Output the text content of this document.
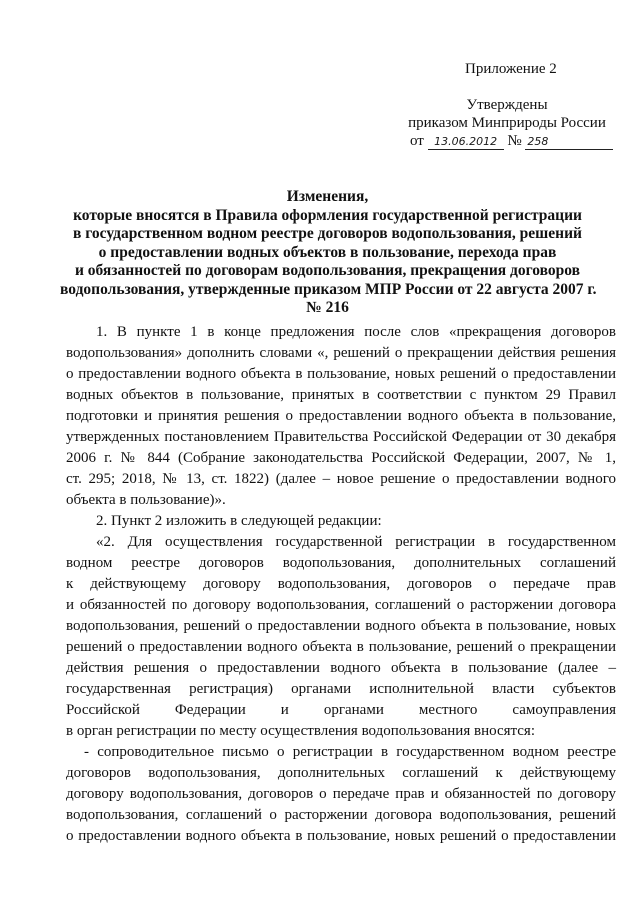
Приложение 2
Утверждены
приказом Минприроды России
от 13.06.2012 № 258
Изменения,
которые вносятся в Правила оформления государственной регистрации
в государственном водном реестре договоров водопользования, решений
о предоставлении водных объектов в пользование, перехода прав
и обязанностей по договорам водопользования, прекращения договоров
водопользования, утвержденные приказом МПР России от 22 августа 2007 г.
№ 216
1. В пункте 1 в конце предложения после слов «прекращения договоров
водопользования» дополнить словами «, решений о прекращении действия решения
о предоставлении водного объекта в пользование, новых решений о предоставлении
водных объектов в пользование, принятых в соответствии с пунктом 29 Правил
подготовки и принятия решения о предоставлении водного объекта в пользование,
утвержденных постановлением Правительства Российской Федерации от 30 декабря
2006 г. № 844 (Собрание законодательства Российской Федерации, 2007, № 1,
ст. 295; 2018, № 13, ст. 1822) (далее – новое решение о предоставлении водного
объекта в пользование)».
2. Пункт 2 изложить в следующей редакции:
«2. Для осуществления государственной регистрации в государственном
водном реестре договоров водопользования, дополнительных соглашений
к действующему договору водопользования, договоров о передаче прав
и обязанностей по договору водопользования, соглашений о расторжении договора
водопользования, решений о предоставлении водного объекта в пользование, новых
решений о предоставлении водного объекта в пользование, решений о прекращении
действия решения о предоставлении водного объекта в пользование (далее –
государственная регистрация) органами исполнительной власти субъектов
Российской Федерации и органами местного самоуправления
в орган регистрации по месту осуществления водопользования вносятся:
- сопроводительное письмо о регистрации в государственном водном реестре
договоров водопользования, дополнительных соглашений к действующему
договору водопользования, договоров о передаче прав и обязанностей по договору
водопользования, соглашений о расторжении договора водопользования, решений
о предоставлении водного объекта в пользование, новых решений о предоставлении
